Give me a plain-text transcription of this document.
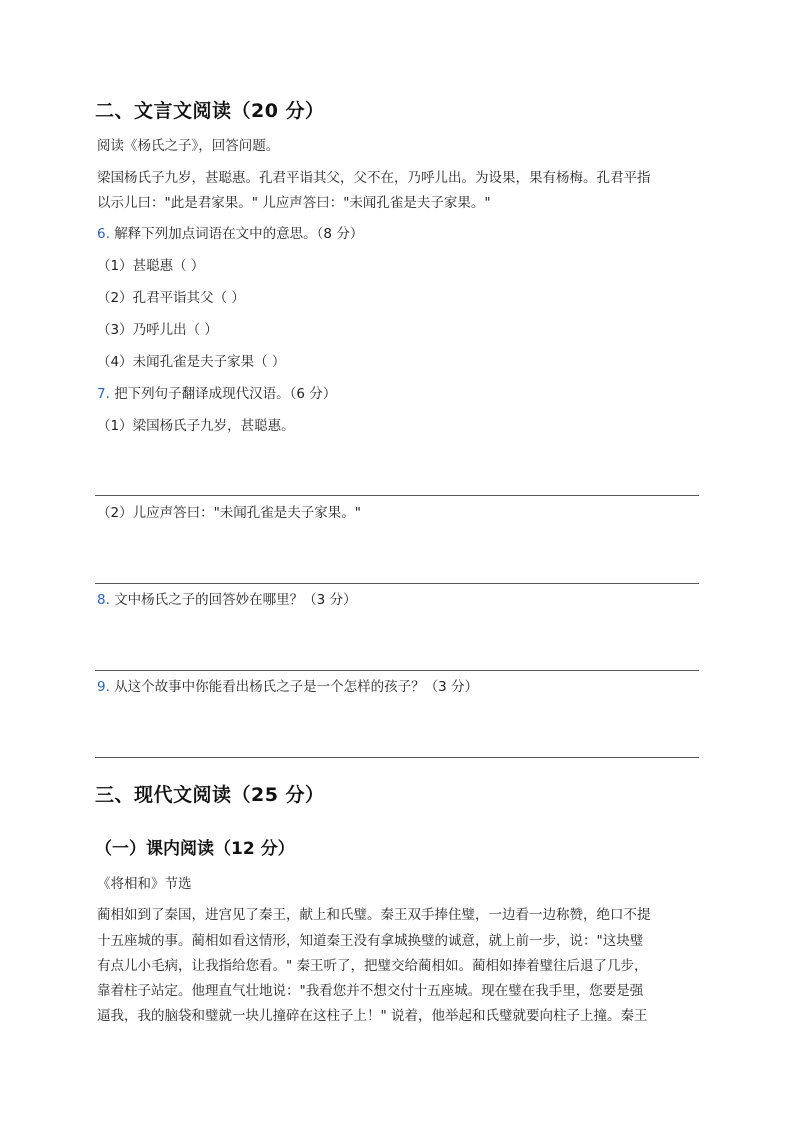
二、文言文阅读（20 分）
阅读《杨氏之子》，回答问题。
梁国杨氏子九岁，甚聪惠。孔君平诣其父，父不在，乃呼儿出。为设果，果有杨梅。孔君平指
以示儿曰："此是君家果。" 儿应声答曰："未闻孔雀是夫子家果。"
6. 解释下列加点词语在文中的意思。（8 分）
（1）甚聪惠（ ）
（2）孔君平诣其父（ ）
（3）乃呼儿出（ ）
（4）未闻孔雀是夫子家果（ ）
7. 把下列句子翻译成现代汉语。（6 分）
（1）梁国杨氏子九岁，甚聪惠。
（2）儿应声答曰："未闻孔雀是夫子家果。"
8. 文中杨氏之子的回答妙在哪里？（3 分）
9. 从这个故事中你能看出杨氏之子是一个怎样的孩子？（3 分）
三、现代文阅读（25 分）
（一）课内阅读（12 分）
《将相和》节选
蔺相如到了秦国，进宫见了秦王，献上和氏璧。秦王双手捧住璧，一边看一边称赞，绝口不提
十五座城的事。蔺相如看这情形，知道秦王没有拿城换璧的诚意，就上前一步，说："这块璧
有点儿小毛病，让我指给您看。" 秦王听了，把璧交给蔺相如。蔺相如捧着璧往后退了几步，
靠着柱子站定。他理直气壮地说："我看您并不想交付十五座城。现在璧在我手里，您要是强
逼我，我的脑袋和璧就一块儿撞碎在这柱子上！" 说着，他举起和氏璧就要向柱子上撞。秦王
